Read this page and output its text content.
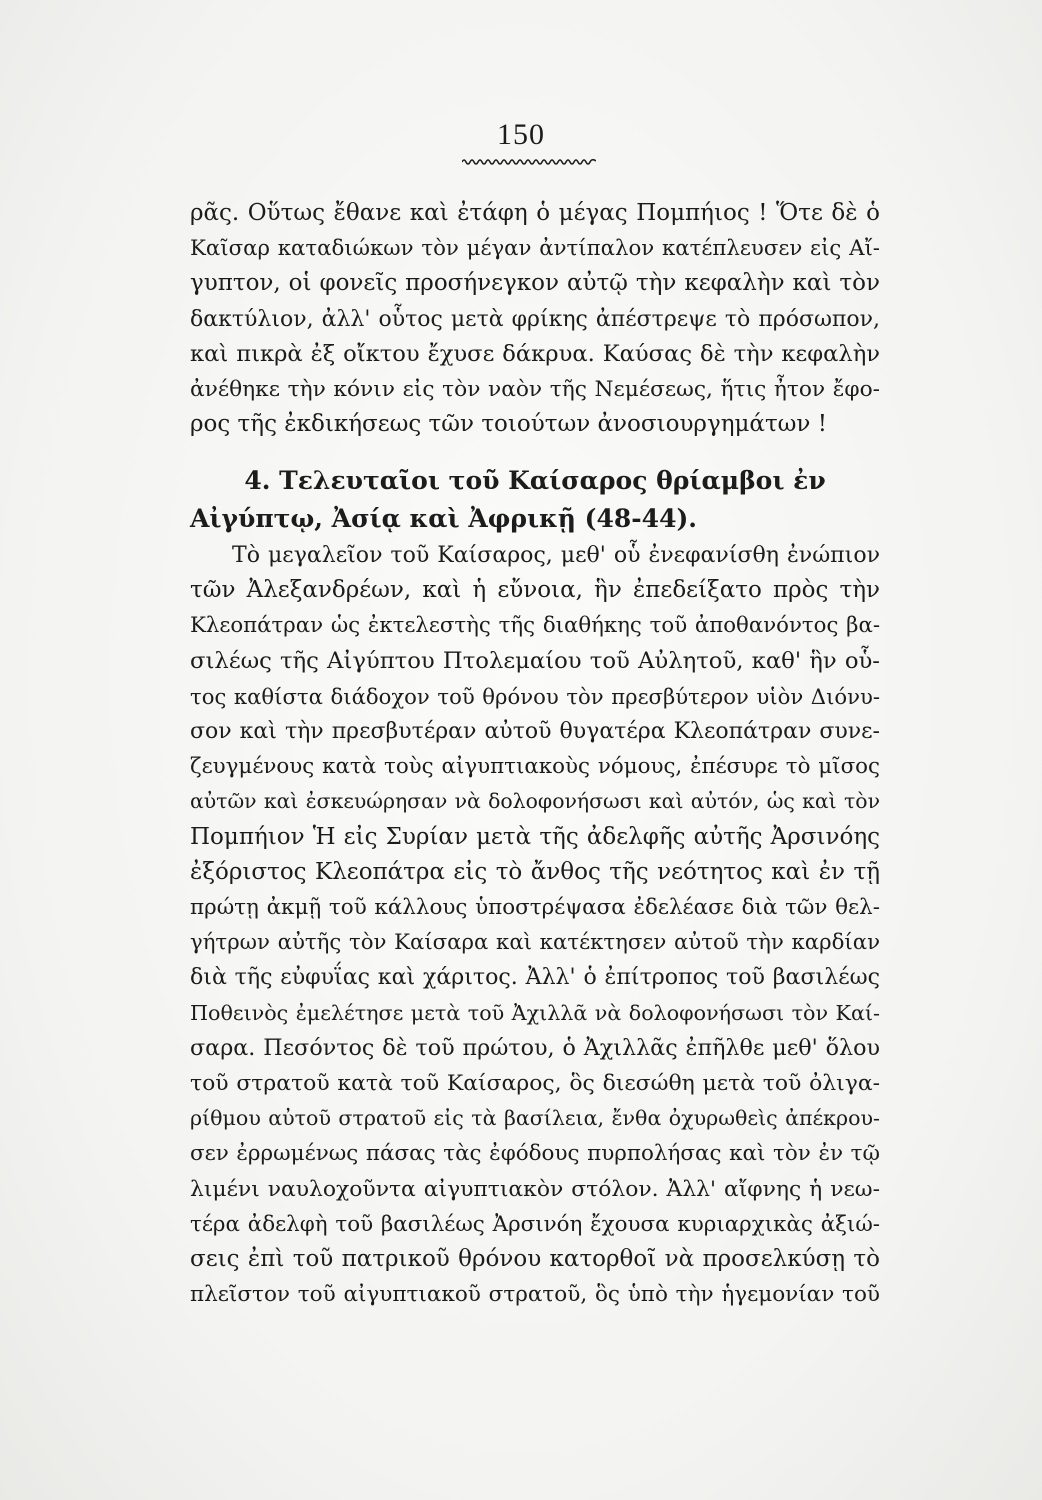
150
ρᾶς. Οὕτως ἔθανε καὶ ἐτάφη ὁ μέγας Πομπήιος ! Ὅτε δὲ ὁ
Καῖσαρ καταδιώκων τὸν μέγαν ἀντίπαλον κατέπλευσεν εἰς Αἴ-
γυπτον, οἱ φονεῖς προσήνεγκον αὐτῷ τὴν κεφαλὴν καὶ τὸν
δακτύλιον, ἀλλ' οὗτος μετὰ φρίκης ἀπέστρεψε τὸ πρόσωπον,
καὶ πικρὰ ἐξ οἴκτου ἔχυσε δάκρυα. Καύσας δὲ τὴν κεφαλὴν
ἀνέθηκε τὴν κόνιν εἰς τὸν ναὸν τῆς Νεμέσεως, ἥτις ἦτον ἔφο-
ρος τῆς ἐκδικήσεως τῶν τοιούτων ἀνοσιουργημάτων !
4. Τελευταῖοι τοῦ Καίσαρος θρίαμβοι ἐν
Αἰγύπτῳ, Ἀσίᾳ καὶ Ἀφρικῇ (48-44).
Τὸ μεγαλεῖον τοῦ Καίσαρος, μεθ' οὗ ἐνεφανίσθη ἐνώπιον
τῶν Ἀλεξανδρέων, καὶ ἡ εὔνοια, ἣν ἐπεδείξατο πρὸς τὴν
Κλεοπάτραν ὡς ἐκτελεστὴς τῆς διαθήκης τοῦ ἀποθανόντος βα-
σιλέως τῆς Αἰγύπτου Πτολεμαίου τοῦ Αὐλητοῦ, καθ' ἣν οὗ-
τος καθίστα διάδοχον τοῦ θρόνου τὸν πρεσβύτερον υἱὸν Διόνυ-
σον καὶ τὴν πρεσβυτέραν αὐτοῦ θυγατέρα Κλεοπάτραν συνε-
ζευγμένους κατὰ τοὺς αἰγυπτιακοὺς νόμους, ἐπέσυρε τὸ μῖσος
αὐτῶν καὶ ἐσκευώρησαν νὰ δολοφονήσωσι καὶ αὐτόν, ὡς καὶ τὸν
Πομπήιον Ἡ εἰς Συρίαν μετὰ τῆς ἀδελφῆς αὐτῆς Ἀρσινόης
ἐξόριστος Κλεοπάτρα εἰς τὸ ἄνθος τῆς νεότητος καὶ ἐν τῇ
πρώτῃ ἀκμῇ τοῦ κάλλους ὑποστρέψασα ἐδελέασε διὰ τῶν θελ-
γήτρων αὐτῆς τὸν Καίσαρα καὶ κατέκτησεν αὐτοῦ τὴν καρδίαν
διὰ τῆς εὐφυΐας καὶ χάριτος. Ἀλλ' ὁ ἐπίτροπος τοῦ βασιλέως
Ποθεινὸς ἐμελέτησε μετὰ τοῦ Ἀχιλλᾶ νὰ δολοφονήσωσι τὸν Καί-
σαρα. Πεσόντος δὲ τοῦ πρώτου, ὁ Ἀχιλλᾶς ἐπῆλθε μεθ' ὅλου
τοῦ στρατοῦ κατὰ τοῦ Καίσαρος, ὃς διεσώθη μετὰ τοῦ ὀλιγα-
ρίθμου αὐτοῦ στρατοῦ εἰς τὰ βασίλεια, ἔνθα ὀχυρωθεὶς ἀπέκρου-
σεν ἐρρωμένως πάσας τὰς ἐφόδους πυρπολήσας καὶ τὸν ἐν τῷ
λιμένι ναυλοχοῦντα αἰγυπτιακὸν στόλον. Ἀλλ' αἴφνης ἡ νεω-
τέρα ἀδελφὴ τοῦ βασιλέως Ἀρσινόη ἔχουσα κυριαρχικὰς ἀξιώ-
σεις ἐπὶ τοῦ πατρικοῦ θρόνου κατορθοῖ νὰ προσελκύσῃ τὸ
πλεῖστον τοῦ αἰγυπτιακοῦ στρατοῦ, ὃς ὑπὸ τὴν ἡγεμονίαν τοῦ
